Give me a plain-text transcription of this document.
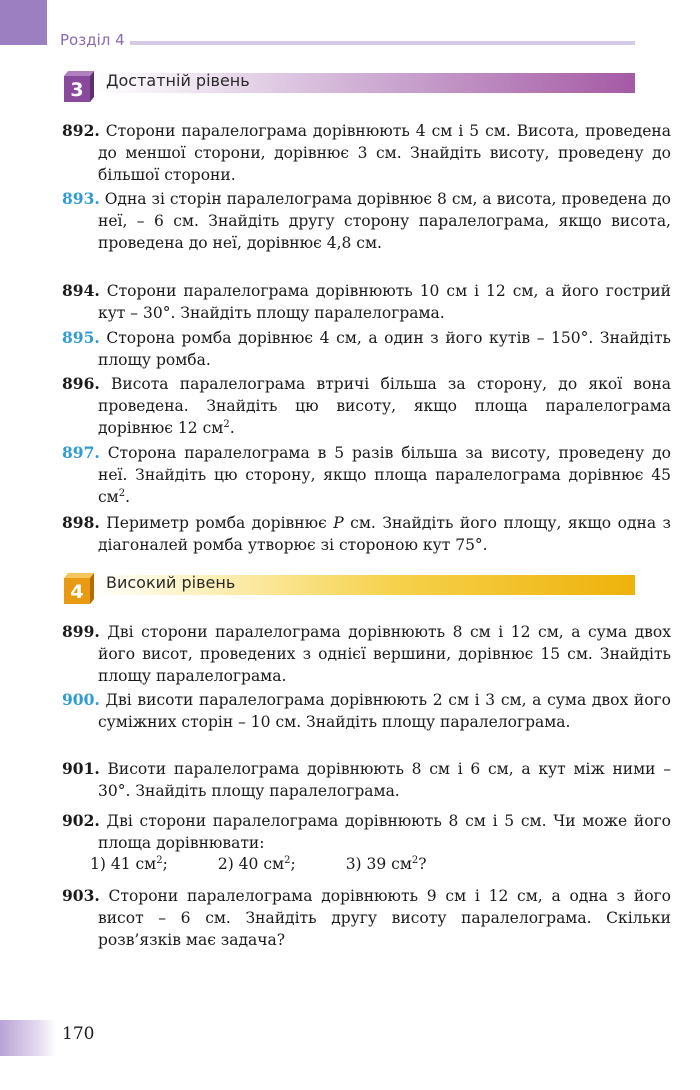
Розділ 4
3 Достатній рівень
892. Сторони паралелограма дорівнюють 4 см і 5 см. Висота, проведена до меншої сторони, дорівнює 3 см. Знайдіть висоту, проведену до більшої сторони.
893. Одна зі сторін паралелограма дорівнює 8 см, а висота, проведена до неї, – 6 см. Знайдіть другу сторону паралелограма, якщо висота, проведена до неї, дорівнює 4,8 см.
894. Сторони паралелограма дорівнюють 10 см і 12 см, а його гострий кут – 30°. Знайдіть площу паралелограма.
895. Сторона ромба дорівнює 4 см, а один з його кутів – 150°. Знайдіть площу ромба.
896. Висота паралелограма втричі більша за сторону, до якої вона проведена. Знайдіть цю висоту, якщо площа паралелограма дорівнює 12 $см^2$.
897. Сторона паралелограма в 5 разів більша за висоту, проведену до неї. Знайдіть цю сторону, якщо площа паралелограма дорівнює 45 $см^2$.
898. Периметр ромба дорівнює P см. Знайдіть його площу, якщо одна з діагоналей ромба утворює зі стороною кут 75°.
4 Високий рівень
899. Дві сторони паралелограма дорівнюють 8 см і 12 см, а сума двох його висот, проведених з однієї вершини, дорівнює 15 см. Знайдіть площу паралелограма.
900. Дві висоти паралелограма дорівнюють 2 см і 3 см, а сума двох його суміжних сторін – 10 см. Знайдіть площу паралелограма.
901. Висоти паралелограма дорівнюють 8 см і 6 см, а кут між ними – 30°. Знайдіть площу паралелограма.
902. Дві сторони паралелограма дорівнюють 8 см і 5 см. Чи може його площа дорівнювати:
1) 41 $см^2$;	2) 40 $см^2$;	3) 39 $см^2$?
903. Сторони паралелограма дорівнюють 9 см і 12 см, а одна з його висот – 6 см. Знайдіть другу висоту паралелограма. Скільки розв’язків має задача?
170
